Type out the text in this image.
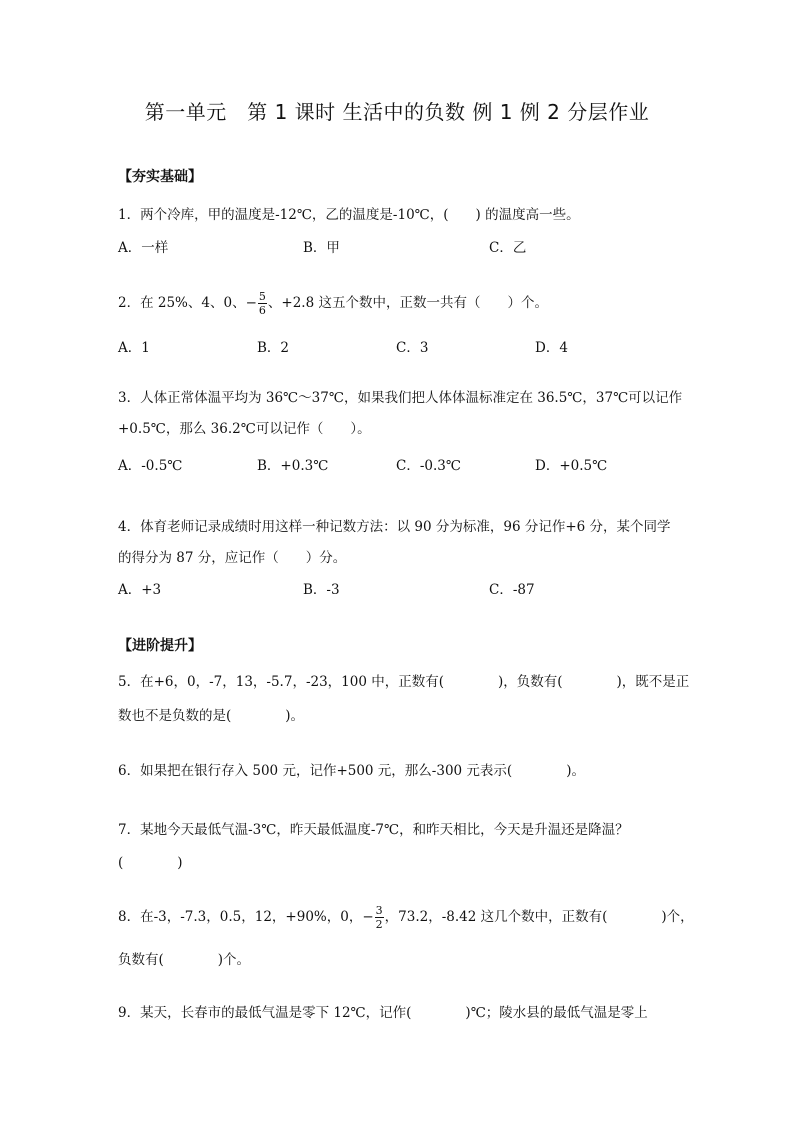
第一单元　第 1 课时 生活中的负数 例 1 例 2 分层作业
【夯实基础】
1．两个冷库，甲的温度是-12℃，乙的温度是-10℃，(　　) 的温度高一些。
A．一样	B．甲	C．乙
2．在 25%、4、0、− $\frac{5}{6}$ 、+2.8 这五个数中，正数一共有（　　）个。
A．1	B．2	C．3	D．4
3．人体正常体温平均为 36℃～37℃，如果我们把人体体温标准定在 36.5℃，37℃可以记作
+0.5℃，那么 36.2℃可以记作（　　）。
A．-0.5℃	B．+0.3℃	C．-0.3℃	D．+0.5℃
4．体育老师记录成绩时用这样一种记数方法：以 90 分为标准，96 分记作+6 分，某个同学
的得分为 87 分，应记作（　　）分。
A．+3	B．-3	C．-87
【进阶提升】
5．在+6，0，-7，13，-5.7，-23，100 中，正数有(　　　　)，负数有(　　　　)，既不是正
数也不是负数的是(　　　　)。
6．如果把在银行存入 500 元，记作+500 元，那么-300 元表示(　　　　)。
7．某地今天最低气温-3℃，昨天最低温度-7℃，和昨天相比，今天是升温还是降温？
(　　　　)
8．在-3，-7.3，0.5，12，+90%，0，− $\frac{3}{2}$ ，73.2，-8.42 这几个数中，正数有(　　　　)个，
负数有(　　　　)个。
9．某天，长春市的最低气温是零下 12℃，记作(　　　　)℃；陵水县的最低气温是零上
